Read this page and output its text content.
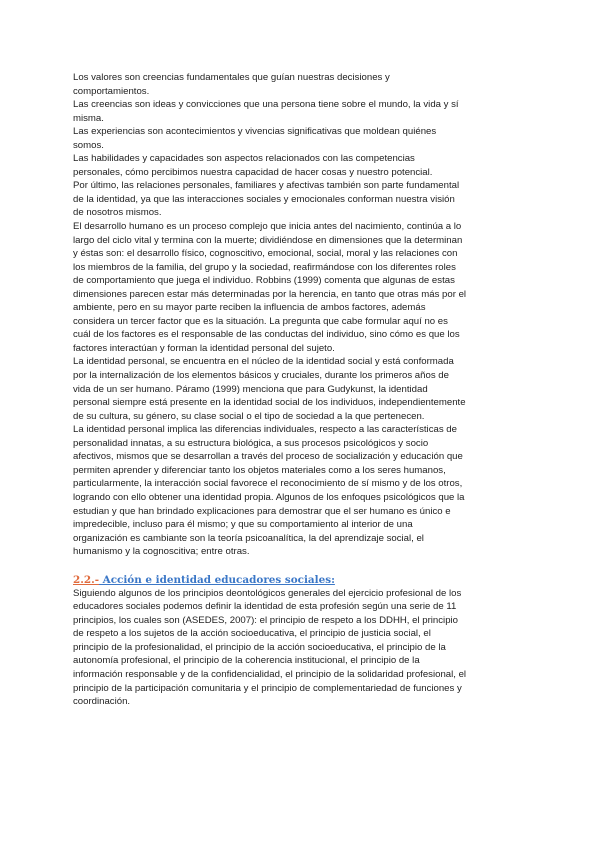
Los valores son creencias fundamentales que guían nuestras decisiones y
comportamientos.

Las creencias son ideas y convicciones que una persona tiene sobre el mundo, la vida y sí
misma.

Las experiencias son acontecimientos y vivencias significativas que moldean quiénes
somos.

Las habilidades y capacidades son aspectos relacionados con las competencias
personales, cómo percibimos nuestra capacidad de hacer cosas y nuestro potencial.

Por último, las relaciones personales, familiares y afectivas también son parte fundamental
de la identidad, ya que las interacciones sociales y emocionales conforman nuestra visión
de nosotros mismos.

El desarrollo humano es un proceso complejo que inicia antes del nacimiento, continúa a lo
largo del ciclo vital y termina con la muerte; dividiéndose en dimensiones que la determinan
y éstas son: el desarrollo físico, cognoscitivo, emocional, social, moral y las relaciones con
los miembros de la familia, del grupo y la sociedad, reafirmándose con los diferentes roles
de comportamiento que juega el individuo. Robbins (1999) comenta que algunas de estas
dimensiones parecen estar más determinadas por la herencia, en tanto que otras más por el
ambiente, pero en su mayor parte reciben la influencia de ambos factores, además
considera un tercer factor que es la situación. La pregunta que cabe formular aquí no es
cuál de los factores es el responsable de las conductas del individuo, sino cómo es que los
factores interactúan y forman la identidad personal del sujeto.

La identidad personal, se encuentra en el núcleo de la identidad social y está conformada
por la internalización de los elementos básicos y cruciales, durante los primeros años de
vida de un ser humano. Páramo (1999) menciona que para Gudykunst, la identidad
personal siempre está presente en la identidad social de los individuos, independientemente
de su cultura, su género, su clase social o el tipo de sociedad a la que pertenecen.

La identidad personal implica las diferencias individuales, respecto a las características de
personalidad innatas, a su estructura biológica, a sus procesos psicológicos y socio
afectivos, mismos que se desarrollan a través del proceso de socialización y educación que
permiten aprender y diferenciar tanto los objetos materiales como a los seres humanos,
particularmente, la interacción social favorece el reconocimiento de sí mismo y de los otros,
logrando con ello obtener una identidad propia. Algunos de los enfoques psicológicos que la
estudian y que han brindado explicaciones para demostrar que el ser humano es único e
impredecible, incluso para él mismo; y que su comportamiento al interior de una
organización es cambiante son la teoría psicoanalítica, la del aprendizaje social, el
humanismo y la cognoscitiva; entre otras.

2.2.- Acción e identidad educadores sociales:

Siguiendo algunos de los principios deontológicos generales del ejercicio profesional de los
educadores sociales podemos definir la identidad de esta profesión según una serie de 11
principios, los cuales son (ASEDES, 2007): el principio de respeto a los DDHH, el principio
de respeto a los sujetos de la acción socioeducativa, el principio de justicia social, el
principio de la profesionalidad, el principio de la acción socioeducativa, el principio de la
autonomía profesional, el principio de la coherencia institucional, el principio de la
información responsable y de la confidencialidad, el principio de la solidaridad profesional, el
principio de la participación comunitaria y el principio de complementariedad de funciones y
coordinación.
